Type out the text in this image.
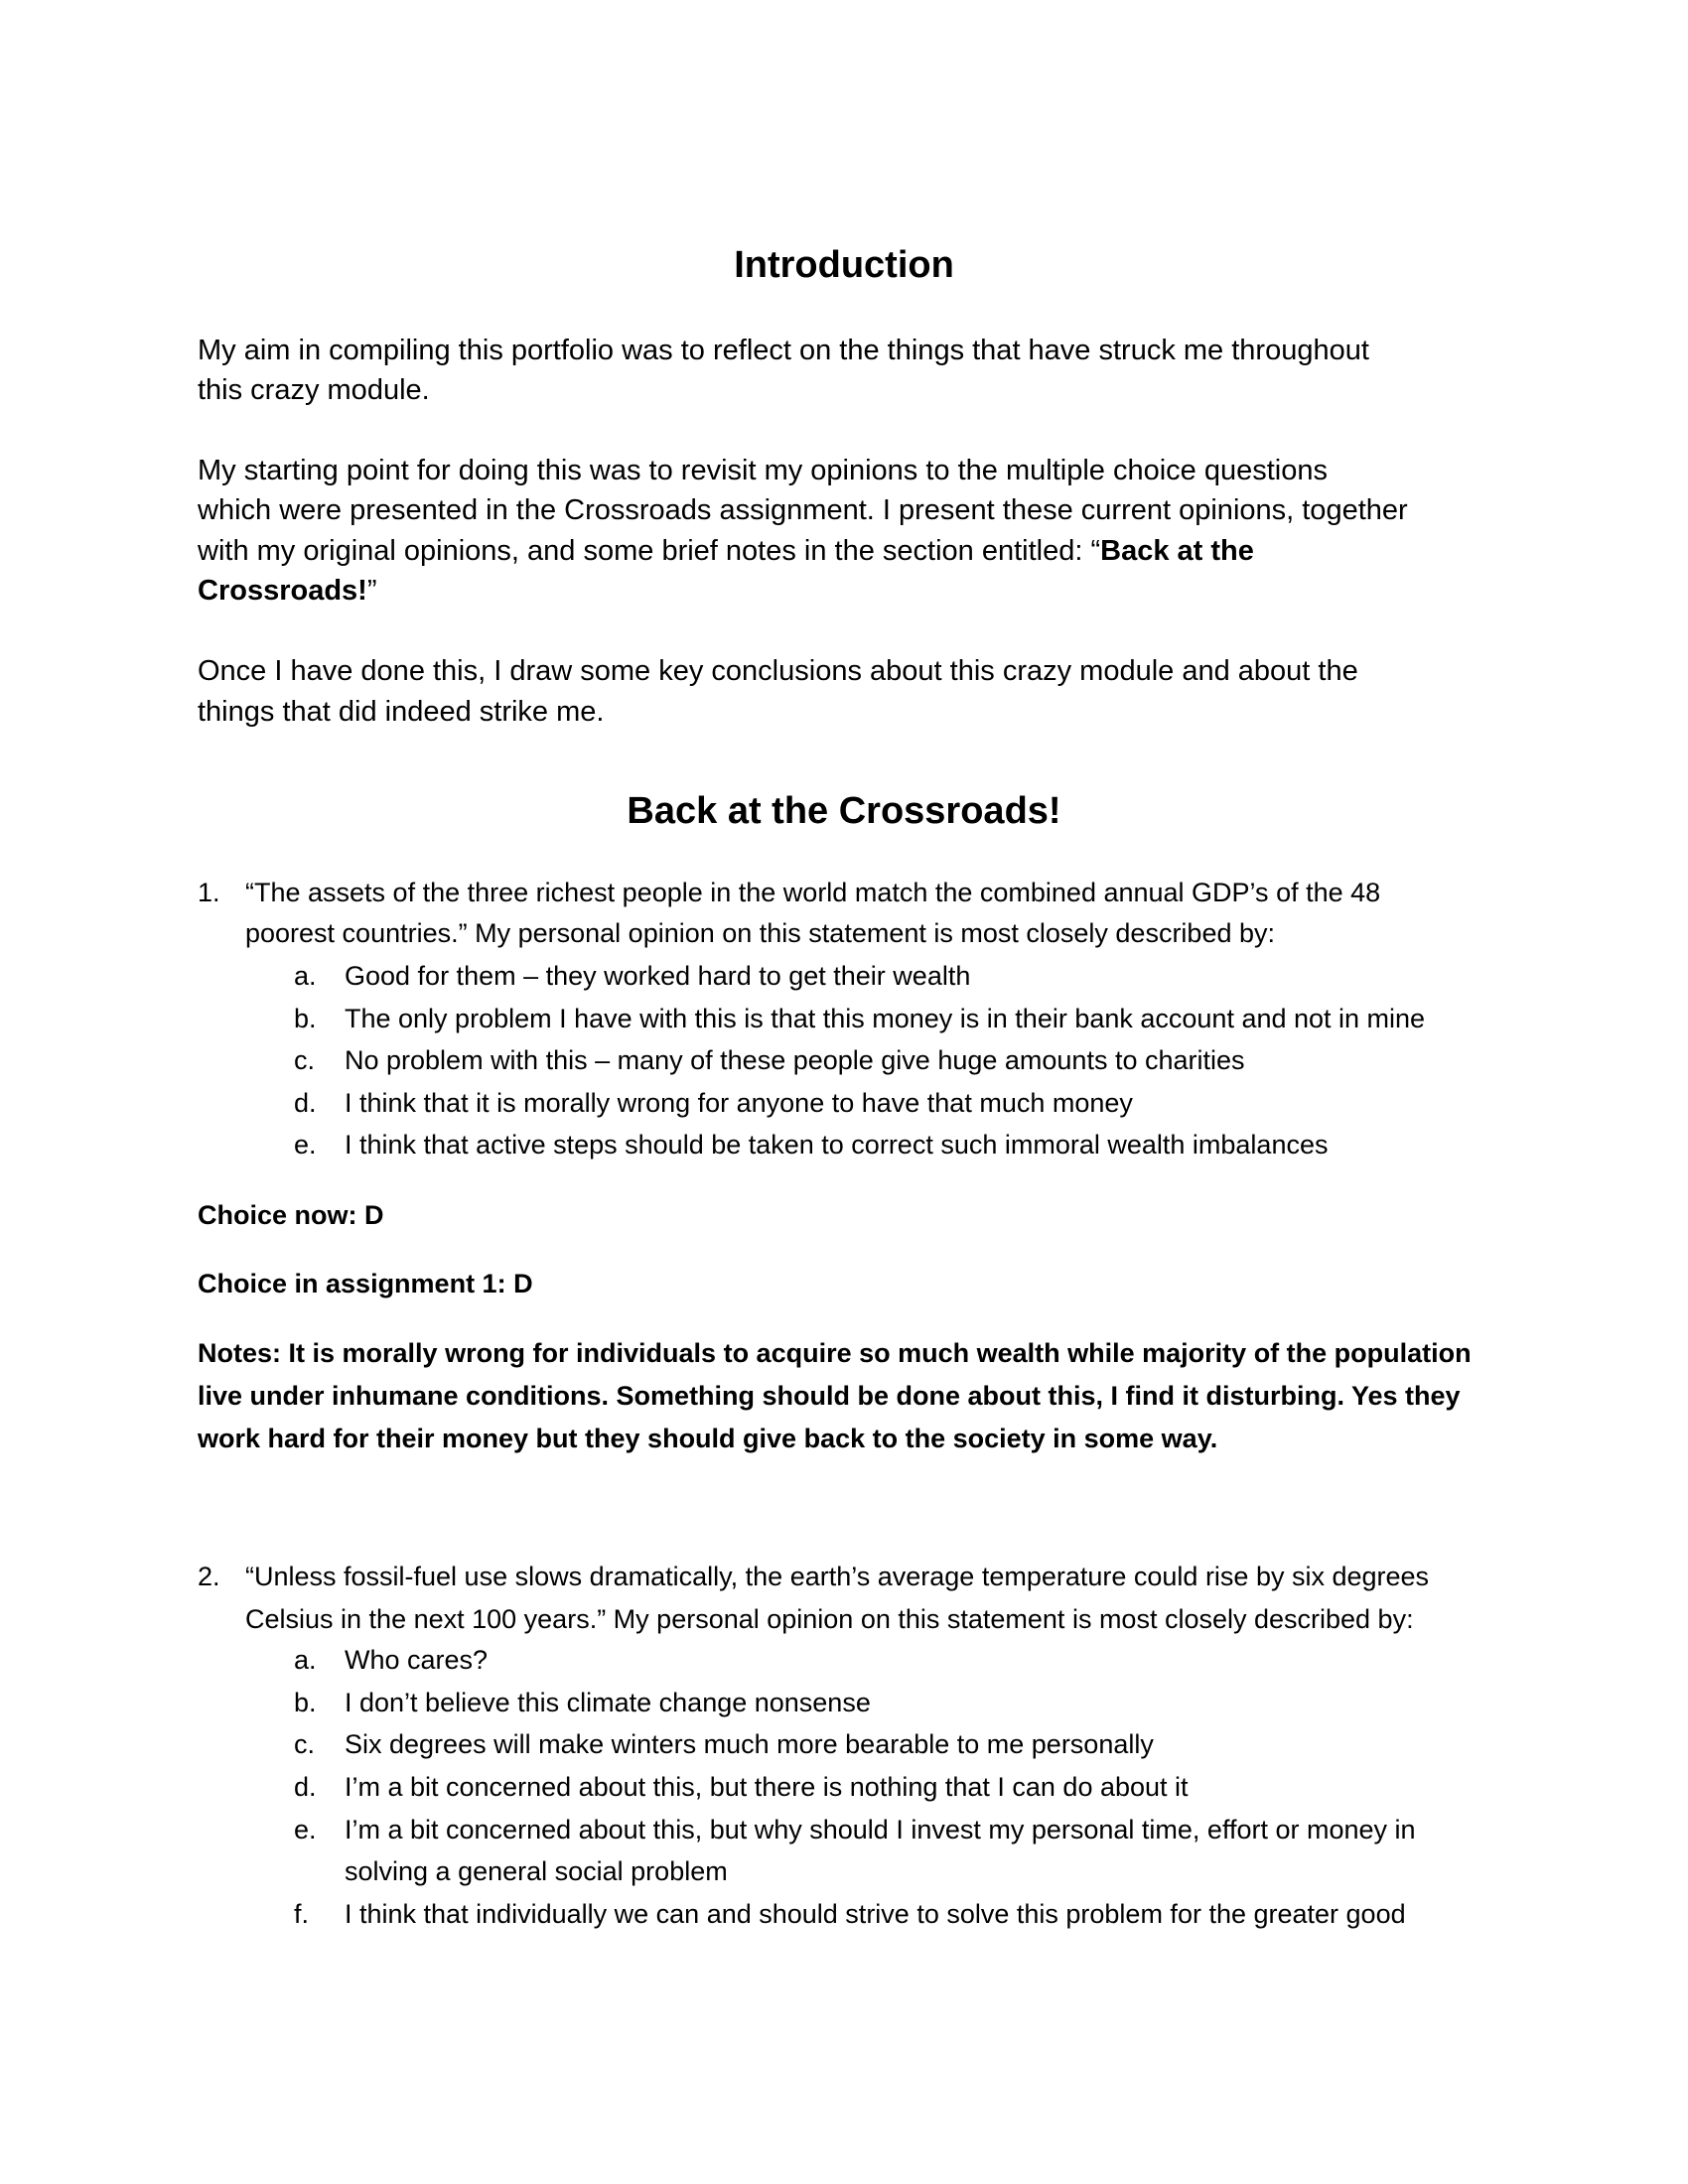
Introduction
My aim in compiling this portfolio was to reflect on the things that have struck me throughout
this crazy module.
My starting point for doing this was to revisit my opinions to the multiple choice questions
which were presented in the Crossroads assignment. I present these current opinions, together
with my original opinions, and some brief notes in the section entitled: “Back at the
Crossroads!”
Once I have done this, I draw some key conclusions about this crazy module and about the
things that did indeed strike me.
Back at the Crossroads!
1. “The assets of the three richest people in the world match the combined annual GDP’s of the 48
poorest countries.” My personal opinion on this statement is most closely described by:
a. Good for them – they worked hard to get their wealth
b. The only problem I have with this is that this money is in their bank account and not in mine
c. No problem with this – many of these people give huge amounts to charities
d. I think that it is morally wrong for anyone to have that much money
e. I think that active steps should be taken to correct such immoral wealth imbalances
Choice now: D
Choice in assignment 1: D
Notes: It is morally wrong for individuals to acquire so much wealth while majority of the population
live under inhumane conditions. Something should be done about this, I find it disturbing. Yes they
work hard for their money but they should give back to the society in some way.
2. “Unless fossil-fuel use slows dramatically, the earth’s average temperature could rise by six degrees
Celsius in the next 100 years.” My personal opinion on this statement is most closely described by:
a. Who cares?
b. I don’t believe this climate change nonsense
c. Six degrees will make winters much more bearable to me personally
d. I’m a bit concerned about this, but there is nothing that I can do about it
e. I’m a bit concerned about this, but why should I invest my personal time, effort or money in
solving a general social problem
f. I think that individually we can and should strive to solve this problem for the greater good
